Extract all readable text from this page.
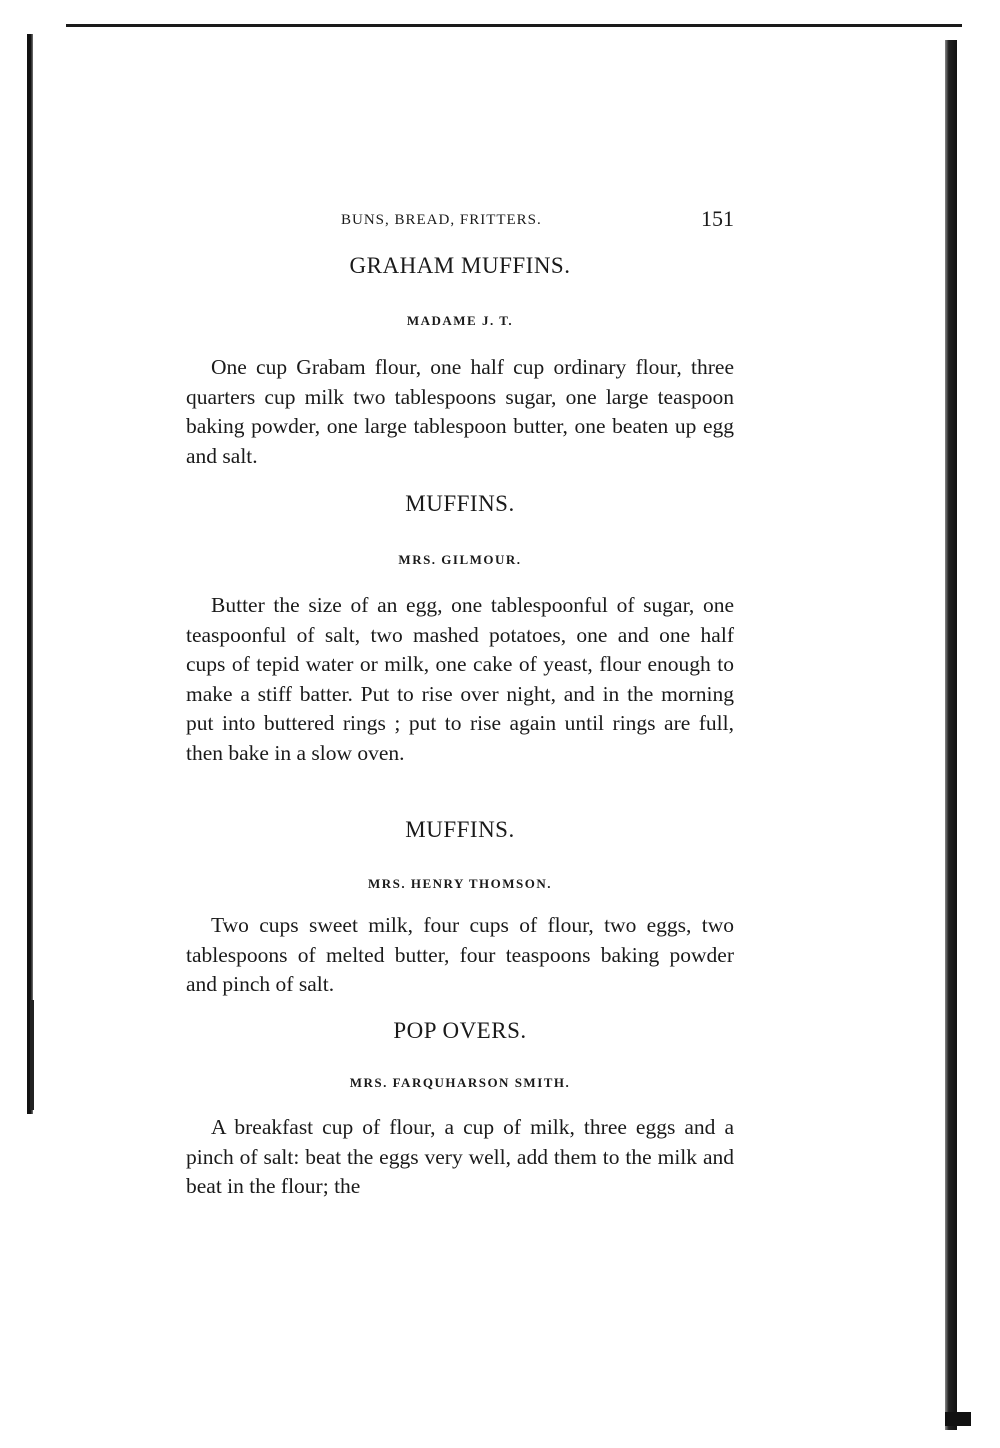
BUNS, BREAD, FRITTERS.	151
GRAHAM MUFFINS.
MADAME J. T.
One cup Grabam flour, one half cup ordinary flour, three quarters cup milk two tablespoons sugar, one large teaspoon baking powder, one large tablespoon butter, one beaten up egg and salt.
MUFFINS.
MRS. GILMOUR.
Butter the size of an egg, one tablespoonful of sugar, one teaspoonful of salt, two mashed potatoes, one and one half cups of tepid water or milk, one cake of yeast, flour enough to make a stiff batter. Put to rise over night, and in the morning put into buttered rings ; put to rise again until rings are full, then bake in a slow oven.
MUFFINS.
MRS. HENRY THOMSON.
Two cups sweet milk, four cups of flour, two eggs, two tablespoons of melted butter, four teaspoons baking powder and pinch of salt.
POP OVERS.
MRS. FARQUHARSON SMITH.
A breakfast cup of flour, a cup of milk, three eggs and a pinch of salt: beat the eggs very well, add them to the milk and beat in the flour; the
